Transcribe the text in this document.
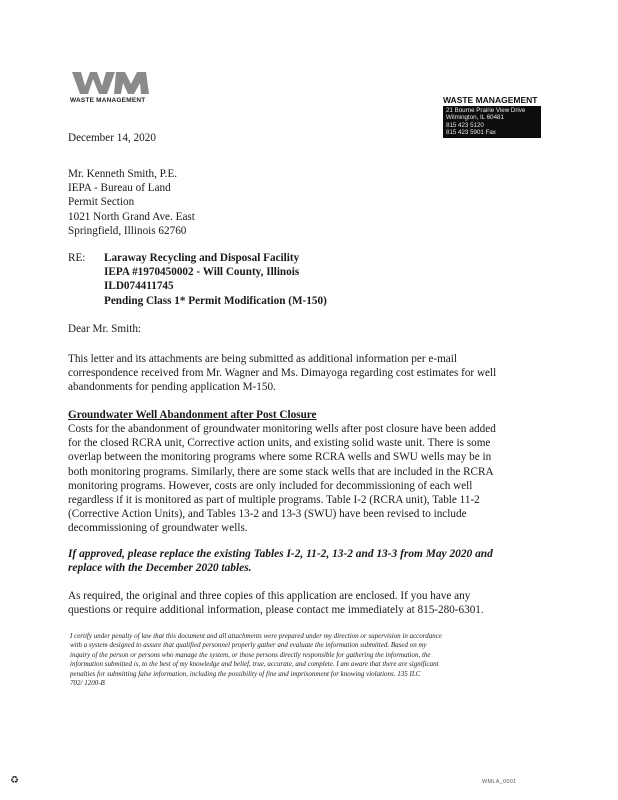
WASTE MANAGEMENT	WASTE MANAGEMENT
21 Bourne Prairie View Drive
Wilmington, IL 60481
815 423 5120
815 423 5901 Fax
December 14, 2020
Mr. Kenneth Smith, P.E.
IEPA - Bureau of Land
Permit Section
1021 North Grand Ave. East
Springfield, Illinois 62760
RE: Laraway Recycling and Disposal Facility
IEPA #1970450002 - Will County, Illinois
ILD074411745
Pending Class 1* Permit Modification (M-150)
Dear Mr. Smith:
This letter and its attachments are being submitted as additional information per e-mail
correspondence received from Mr. Wagner and Ms. Dimayoga regarding cost estimates for well
abandonments for pending application M-150.
Groundwater Well Abandonment after Post Closure
Costs for the abandonment of groundwater monitoring wells after post closure have been added
for the closed RCRA unit, Corrective action units, and existing solid waste unit. There is some
overlap between the monitoring programs where some RCRA wells and SWU wells may be in
both monitoring programs. Similarly, there are some stack wells that are included in the RCRA
monitoring programs. However, costs are only included for decommissioning of each well
regardless if it is monitored as part of multiple programs. Table I-2 (RCRA unit), Table 11-2
(Corrective Action Units), and Tables 13-2 and 13-3 (SWU) have been revised to include
decommissioning of groundwater wells.
If approved, please replace the existing Tables I-2, 11-2, 13-2 and 13-3 from May 2020 and
replace with the December 2020 tables.
As required, the original and three copies of this application are enclosed. If you have any
questions or require additional information, please contact me immediately at 815-280-6301.
I certify under penalty of law that this document and all attachments were prepared under my direction or supervision in accordance
with a system designed to assure that qualified personnel properly gather and evaluate the information submitted. Based on my
inquiry of the person or persons who manage the system, or those persons directly responsible for gathering the information, the
information submitted is, to the best of my knowledge and belief, true, accurate, and complete. I am aware that there are significant
penalties for submitting false information, including the possibility of fine and imprisonment for knowing violations. 135 ILC
702/ 1200-B
♻	WMLA_0001
